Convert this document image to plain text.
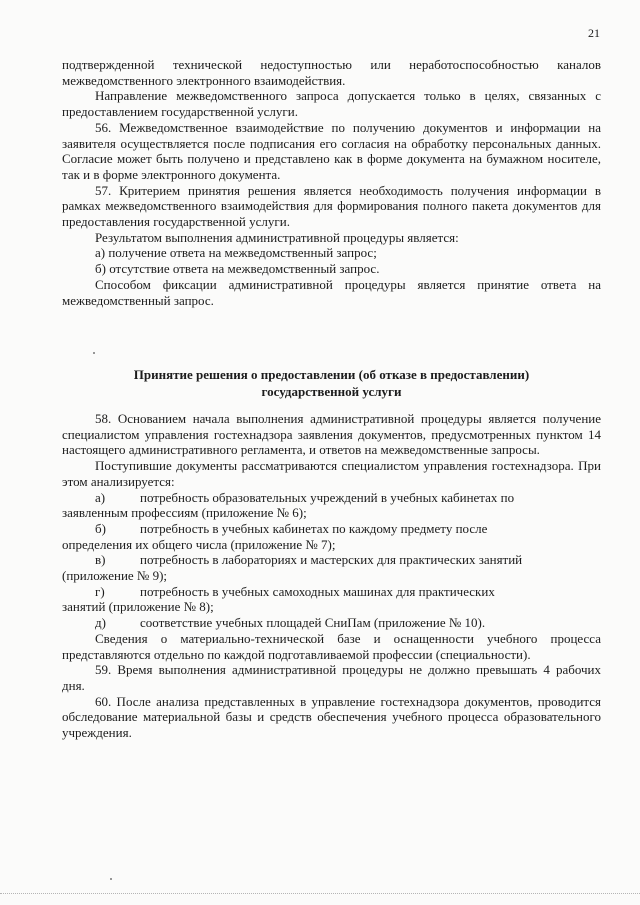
21

подтвержденной технической недоступностью или неработоспособностью каналов межведомственного электронного взаимодействия.

Направление межведомственного запроса допускается только в целях, связанных с предоставлением государственной услуги.

56. Межведомственное взаимодействие по получению документов и информации на заявителя осуществляется после подписания его согласия на обработку персональных данных. Согласие может быть получено и представлено как в форме документа на бумажном носителе, так и в форме электронного документа.

57. Критерием принятия решения является необходимость получения информации в рамках межведомственного взаимодействия для формирования полного пакета документов для предоставления государственной услуги.

Результатом выполнения административной процедуры является:

а) получение ответа на межведомственный запрос;

б) отсутствие ответа на межведомственный запрос.

Способом фиксации административной процедуры является принятие ответа на межведомственный запрос.

Принятие решения о предоставлении (об отказе в предоставлении)
государственной услуги

58. Основанием начала выполнения административной процедуры является получение специалистом управления гостехнадзора заявления документов, предусмотренных пунктом 14 настоящего административного регламента, и ответов на межведомственные запросы.

Поступившие документы рассматриваются специалистом управления гостехнадзора. При этом анализируется:

а)	потребность образовательных учреждений в учебных кабинетах по

заявленным профессиям (приложение № 6);

б)	потребность в учебных кабинетах по каждому предмету после

определения их общего числа (приложение № 7);

в)	потребность в лабораториях и мастерских для практических занятий

(приложение № 9);

г)	потребность в учебных самоходных машинах для практических

занятий (приложение № 8);

д)	соответствие учебных площадей СниПам (приложение № 10).

Сведения о материально-технической базе и оснащенности учебного процесса представляются отдельно по каждой подготавливаемой профессии (специальности).

59. Время выполнения административной процедуры не должно превышать 4 рабочих дня.

60. После анализа представленных в управление гостехнадзора документов, проводится обследование материальной базы и средств обеспечения учебного процесса образовательного учреждения.
